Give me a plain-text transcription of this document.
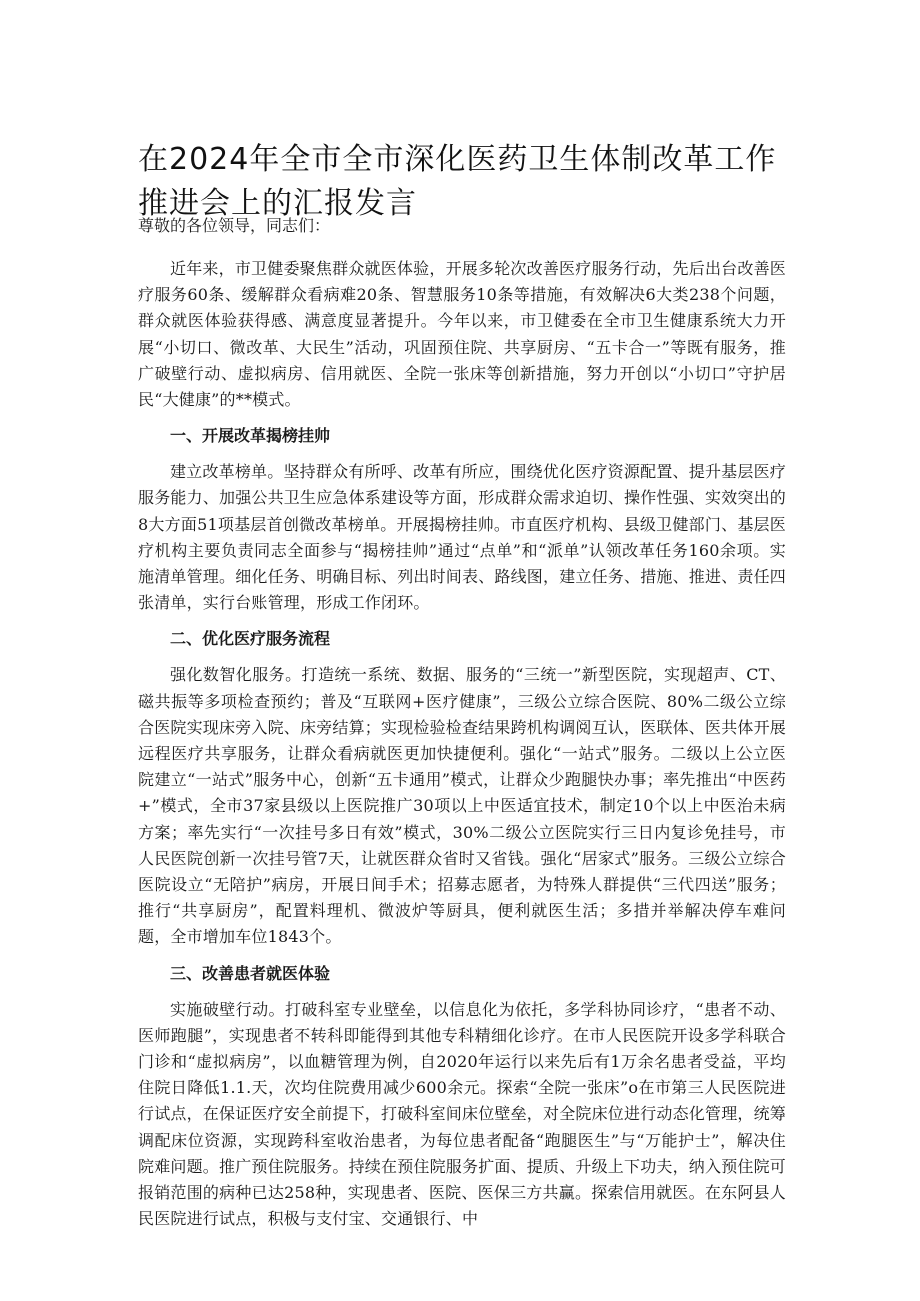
在2024年全市全市深化医药卫生体制改革工作推进会上的汇报发言

尊敬的各位领导，同志们：

近年来，市卫健委聚焦群众就医体验，开展多轮次改善医疗服务行动，先后出台改善医疗服务60条、缓解群众看病难20条、智慧服务10条等措施，有效解决6大类238个问题，群众就医体验获得感、满意度显著提升。今年以来，市卫健委在全市卫生健康系统大力开展“小切口、微改革、大民生”活动，巩固预住院、共享厨房、“五卡合一”等既有服务，推广破壁行动、虚拟病房、信用就医、全院一张床等创新措施，努力开创以“小切口”守护居民“大健康”的**模式。

一、开展改革揭榜挂帅

建立改革榜单。坚持群众有所呼、改革有所应，围绕优化医疗资源配置、提升基层医疗服务能力、加强公共卫生应急体系建设等方面，形成群众需求迫切、操作性强、实效突出的8大方面51项基层首创微改革榜单。开展揭榜挂帅。市直医疗机构、县级卫健部门、基层医疗机构主要负责同志全面参与“揭榜挂帅”通过“点单”和“派单”认领改革任务160余项。实施清单管理。细化任务、明确目标、列出时间表、路线图，建立任务、措施、推进、责任四张清单，实行台账管理，形成工作闭环。

二、优化医疗服务流程

强化数智化服务。打造统一系统、数据、服务的“三统一”新型医院，实现超声、CT、磁共振等多项检查预约；普及“互联网+医疗健康”，三级公立综合医院、80%二级公立综合医院实现床旁入院、床旁结算；实现检验检查结果跨机构调阅互认，医联体、医共体开展远程医疗共享服务，让群众看病就医更加快捷便利。强化“一站式”服务。二级以上公立医院建立“一站式”服务中心，创新“五卡通用”模式，让群众少跑腿快办事；率先推出“中医药+”模式，全市37家县级以上医院推广30项以上中医适宜技术，制定10个以上中医治未病方案；率先实行“一次挂号多日有效”模式，30%二级公立医院实行三日内复诊免挂号，市人民医院创新一次挂号管7天，让就医群众省时又省钱。强化“居家式”服务。三级公立综合医院设立“无陪护”病房，开展日间手术；招募志愿者，为特殊人群提供“三代四送”服务；推行“共享厨房”，配置料理机、微波炉等厨具，便利就医生活；多措并举解决停车难问题，全市增加车位1843个。

三、改善患者就医体验

实施破壁行动。打破科室专业壁垒，以信息化为依托，多学科协同诊疗，“患者不动、医师跑腿”，实现患者不转科即能得到其他专科精细化诊疗。在市人民医院开设多学科联合门诊和“虚拟病房”，以血糖管理为例，自2020年运行以来先后有1万余名患者受益，平均住院日降低1.1.天，次均住院费用减少600余元。探索“全院一张床”o在市第三人民医院进行试点，在保证医疗安全前提下，打破科室间床位壁垒，对全院床位进行动态化管理，统筹调配床位资源，实现跨科室收治患者，为每位患者配备“跑腿医生”与“万能护士”，解决住院难问题。推广预住院服务。持续在预住院服务扩面、提质、升级上下功夫，纳入预住院可报销范围的病种已达258种，实现患者、医院、医保三方共赢。探索信用就医。在东阿县人民医院进行试点，积极与支付宝、交通银行、中
